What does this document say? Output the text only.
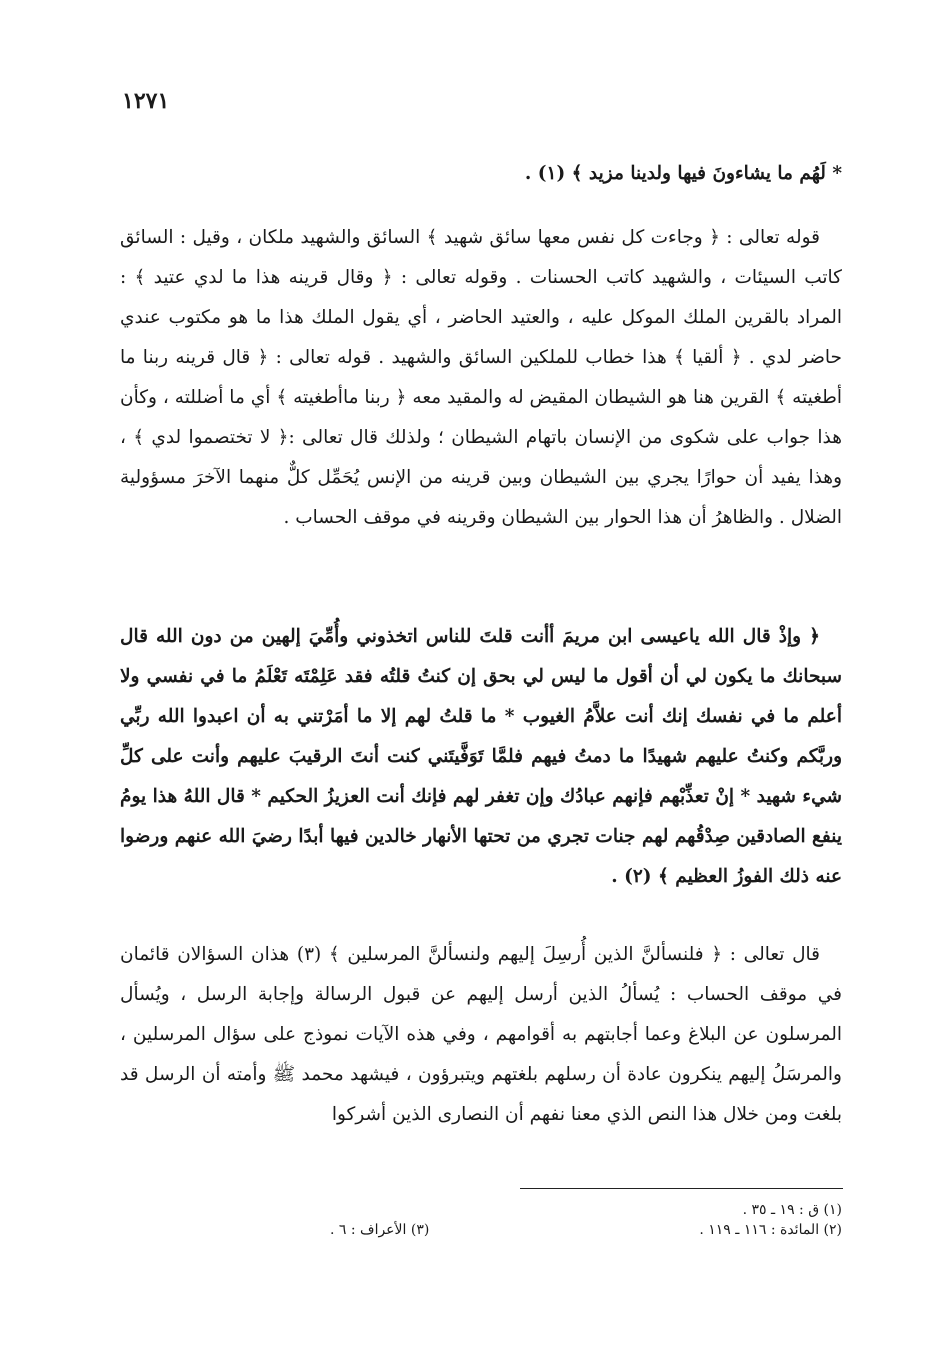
١٢٧١

* لَهُم ما يشاءونَ فيها ولدينا مزيد ﴾ (١) .

قوله تعالى : ﴿ وجاءت كل نفس معها سائق شهيد ﴾ السائق والشهيد ملكان ، وقيل : السائق كاتب السيئات ، والشهيد كاتب الحسنات . وقوله تعالى : ﴿ وقال قرينه هذا ما لدي عتيد ﴾ : المراد بالقرين الملك الموكل عليه ، والعتيد الحاضر ، أي يقول الملك هذا ما هو مكتوب عندي حاضر لدي . ﴿ ألقيا ﴾ هذا خطاب للملكين السائق والشهيد . قوله تعالى : ﴿ قال قرينه ربنا ما أطغيته ﴾ القرين هنا هو الشيطان المقيض له والمقيد معه ﴿ ربنا ماأطغيته ﴾ أي ما أضللته ، وكأن هذا جواب على شكوى من الإنسان باتهام الشيطان ؛ ولذلك قال تعالى :﴿ لا تختصموا لدي ﴾ ، وهذا يفيد أن حوارًا يجري بين الشيطان وبين قرينه من الإنس يُحَمِّل كلٌّ منهما الآخرَ مسؤولية الضلال . والظاهرُ أن هذا الحوار بين الشيطان وقرينه في موقف الحساب .

﴿ وإذْ قال الله ياعيسى ابن مريمَ أأنت قلتَ للناس اتخذوني وأُمِّيَ إلهين من دون الله قال سبحانك ما يكون لي أن أقول ما ليس لي بحق إن كنتُ قلتُه فقد عَلِمْتَه تَعْلَمُ ما في نفسي ولا أعلم ما في نفسك إنك أنت علاَّمُ الغيوب * ما قلتُ لهم إلا ما أمَرْتني به أن اعبدوا الله ربِّي وربَّكم وكنتُ عليهم شهيدًا ما دمتُ فيهم فلمَّا تَوَفَّيتَني كنت أنتَ الرقيبَ عليهم وأنت على كلِّ شيء شهيد * إنْ تعذِّبْهم فإنهم عبادُك وإن تغفر لهم فإنك أنت العزيزُ الحكيم * قال اللهُ هذا يومُ ينفع الصادقين صِدْقُهم لهم جنات تجري من تحتها الأنهار خالدين فيها أبدًا رضيَ الله عنهم ورضوا عنه ذلك الفوزُ العظيم ﴾ (٢) .

قال تعالى : ﴿ فلنسألنَّ الذين أُرسِلَ إليهم ولنسألنَّ المرسلين ﴾ (٣) هذان السؤالان قائمان في موقف الحساب : يُسألُ الذين أرسل إليهم عن قبول الرسالة وإجابة الرسل ، ويُسأل المرسلون عن البلاغ وعما أجابتهم به أقوامهم ، وفي هذه الآيات نموذج على سؤال المرسلين ، والمرسَلُ إليهم ينكرون عادة أن رسلهم بلغتهم ويتبرؤون ، فيشهد محمد ﷺ وأمته أن الرسل قد بلغت ومن خلال هذا النص الذي معنا نفهم أن النصارى الذين أشركوا

(١) ق : ١٩ ـ ٣٥ .
(٢) المائدة : ١١٦ ـ ١١٩ .
(٣) الأعراف : ٦ .
